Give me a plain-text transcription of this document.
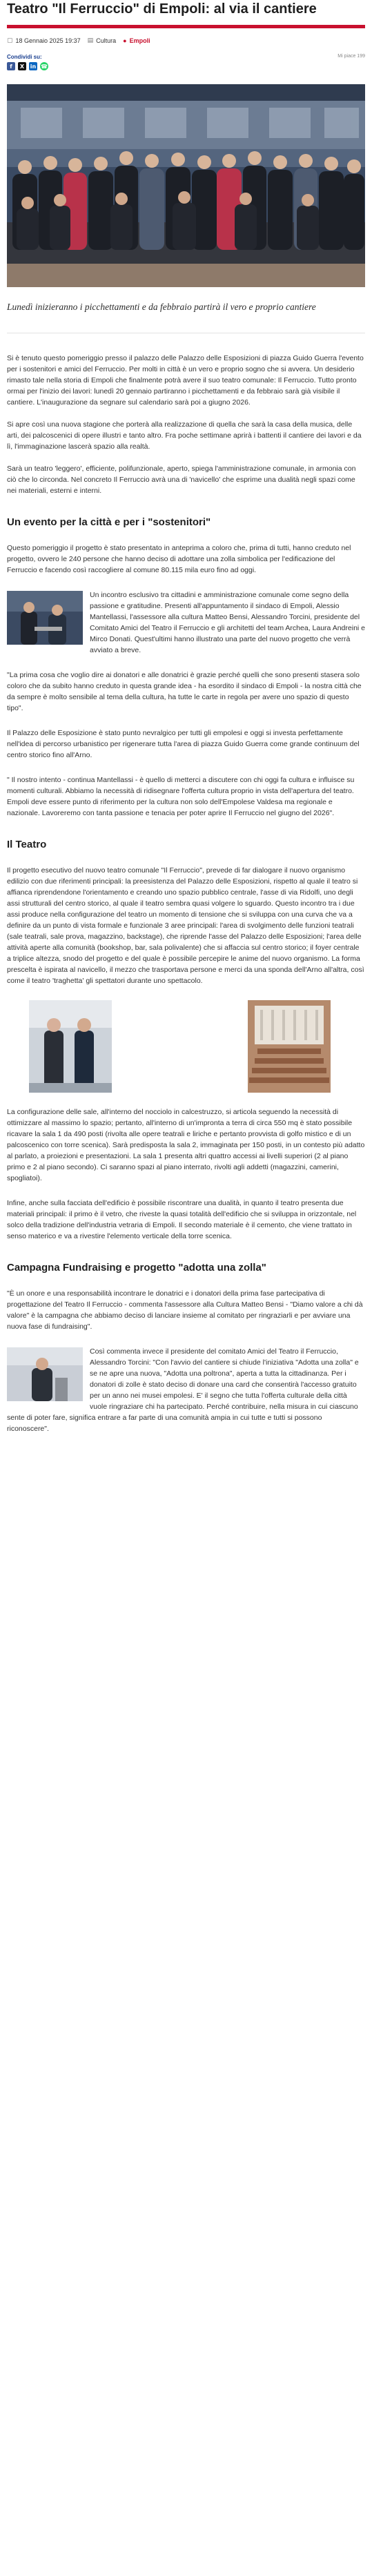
Teatro "Il Ferruccio" di Empoli: al via il cantiere
▢ 18 Gennaio 2025 19:37 ▤ Cultura ● Empoli
Condividi su:
f	X	in ☎
Mi piace 199

Lunedì inizieranno i picchettamenti e da febbraio partirà il vero e proprio cantiere

Si è tenuto questo pomeriggio presso il palazzo delle Palazzo delle Esposizioni di piazza Guido Guerra l'evento per i sostenitori e amici del Ferruccio. Per molti in città è un vero e proprio sogno che si avvera. Un desiderio rimasto tale nella storia di Empoli che finalmente potrà avere il suo teatro comunale: Il Ferruccio. Tutto pronto ormai per l'inizio dei lavori: lunedì 20 gennaio partiranno i picchettamenti e da febbraio sarà già visibile il cantiere. L'inaugurazione da segnare sul calendario sarà poi a giugno 2026.

Si apre così una nuova stagione che porterà alla realizzazione di quella che sarà la casa della musica, delle arti, dei palcoscenici di opere illustri e tanto altro. Fra poche settimane aprirà i battenti il cantiere dei lavori e da lì, l'immaginazione lascerà spazio alla realtà.

Sarà un teatro 'leggero', efficiente, polifunzionale, aperto, spiega l'amministrazione comunale, in armonia con ciò che lo circonda. Nel concreto Il Ferruccio avrà una di 'navicello' che esprime una dualità negli spazi come nei materiali, esterni e interni.

Un evento per la città e per i "sostenitori"

Questo pomeriggio il progetto è stato presentato in anteprima a coloro che, prima di tutti, hanno creduto nel progetto, ovvero le 240 persone che hanno deciso di adottare una zolla simbolica per l'edificazione del Ferruccio e facendo così raccogliere al comune 80.115 mila euro fino ad oggi.

Un incontro esclusivo tra cittadini e amministrazione comunale come segno della passione e gratitudine. Presenti all'appuntamento il sindaco di Empoli, Alessio Mantellassi, l'assessore alla cultura Matteo Bensi, Alessandro Torcini, presidente del Comitato Amici del Teatro il Ferruccio e gli architetti del team Archea, Laura Andreini e Mirco Donati. Quest'ultimi hanno illustrato una parte del nuovo progetto che verrà avviato a breve.

"La prima cosa che voglio dire ai donatori e alle donatrici è grazie perché quelli che sono presenti stasera solo coloro che da subito hanno creduto in questa grande idea - ha esordito il sindaco di Empoli - la nostra città che da sempre è molto sensibile al tema della cultura, ha tutte le carte in regola per avere uno spazio di questo tipo".

Il Palazzo delle Esposizione è stato punto nevralgico per tutti gli empolesi e oggi si investa perfettamente nell'idea di percorso urbanistico per rigenerare tutta l'area di piazza Guido Guerra come grande continuum del centro storico fino all'Arno.

" Il nostro intento - continua Mantellassi - è quello di metterci a discutere con chi oggi fa cultura e influisce su momenti culturali. Abbiamo la necessità di ridisegnare l'offerta cultura proprio in vista dell'apertura del teatro. Empoli deve essere punto di riferimento per la cultura non solo dell'Empolese Valdesa ma regionale e nazionale. Lavoreremo con tanta passione e tenacia per poter aprire Il Ferruccio nel giugno del 2026".

Il Teatro

Il progetto esecutivo del nuovo teatro comunale "Il Ferruccio", prevede di far dialogare il nuovo organismo edilizio con due riferimenti principali: la preesistenza del Palazzo delle Esposizioni, rispetto al quale il teatro si affianca riprendendone l'orientamento e creando uno spazio pubblico centrale, l'asse di via Ridolfi, uno degli assi strutturali del centro storico, al quale il teatro sembra quasi volgere lo sguardo. Questo incontro tra i due assi produce nella configurazione del teatro un momento di tensione che si sviluppa con una curva che va a definire da un punto di vista formale e funzionale 3 aree principali: l'area di svolgimento delle funzioni teatrali (sale teatrali, sale prova, magazzino, backstage), che riprende l'asse del Palazzo delle Esposizioni; l'area delle attività aperte alla comunità (bookshop, bar, sala polivalente) che si affaccia sul centro storico; il foyer centrale a triplice altezza, snodo del progetto e del quale è possibile percepire le anime del nuovo organismo. La forma prescelta è ispirata al navicello, il mezzo che trasportava persone e merci da una sponda dell'Arno all'altra, così come il teatro 'traghetta' gli spettatori durante uno spettacolo.

La configurazione delle sale, all'interno del nocciolo in calcestruzzo, si articola seguendo la necessità di ottimizzare al massimo lo spazio; pertanto, all'interno di un'impronta a terra di circa 550 mq è stato possibile ricavare la sala 1 da 490 posti (rivolta alle opere teatrali e liriche e pertanto provvista di golfo mistico e di un palcoscenico con torre scenica). Sarà predisposta la sala 2, immaginata per 150 posti, in un contesto più adatto al parlato, a proiezioni e presentazioni. La sala 1 presenta altri quattro accessi ai livelli superiori (2 al piano primo e 2 al piano secondo). Ci saranno spazi al piano interrato, rivolti agli addetti (magazzini, camerini, spogliatoi).

Infine, anche sulla facciata dell'edificio è possibile riscontrare una dualità, in quanto il teatro presenta due materiali principali: il primo è il vetro, che riveste la quasi totalità dell'edificio che si sviluppa in orizzontale, nel solco della tradizione dell'industria vetraria di Empoli. Il secondo materiale è il cemento, che viene trattato in senso materico e va a rivestire l'elemento verticale della torre scenica.

Campagna Fundraising e progetto "adotta una zolla"

"È un onore e una responsabilità incontrare le donatrici e i donatori della prima fase partecipativa di progettazione del Teatro Il Ferruccio - commenta l'assessore alla Cultura Matteo Bensi - "Diamo valore a chi dà valore" è la campagna che abbiamo deciso di lanciare insieme al comitato per ringraziarli e per avviare una nuova fase di fundraising".

Così commenta invece il presidente del comitato Amici del Teatro il Ferruccio, Alessandro Torcini: "Con l'avvio del cantiere si chiude l'iniziativa "Adotta una zolla" e se ne apre una nuova, "Adotta una poltrona", aperta a tutta la cittadinanza. Per i donatori di zolle è stato deciso di donare una card che consentirà l'accesso gratuito per un anno nei musei empolesi. E' il segno che tutta l'offerta culturale della città vuole ringraziare chi ha partecipato. Perché contribuire, nella misura in cui ciascuno sente di poter fare, significa entrare a far parte di una comunità ampia in cui tutte e tutti si possono riconoscere".
